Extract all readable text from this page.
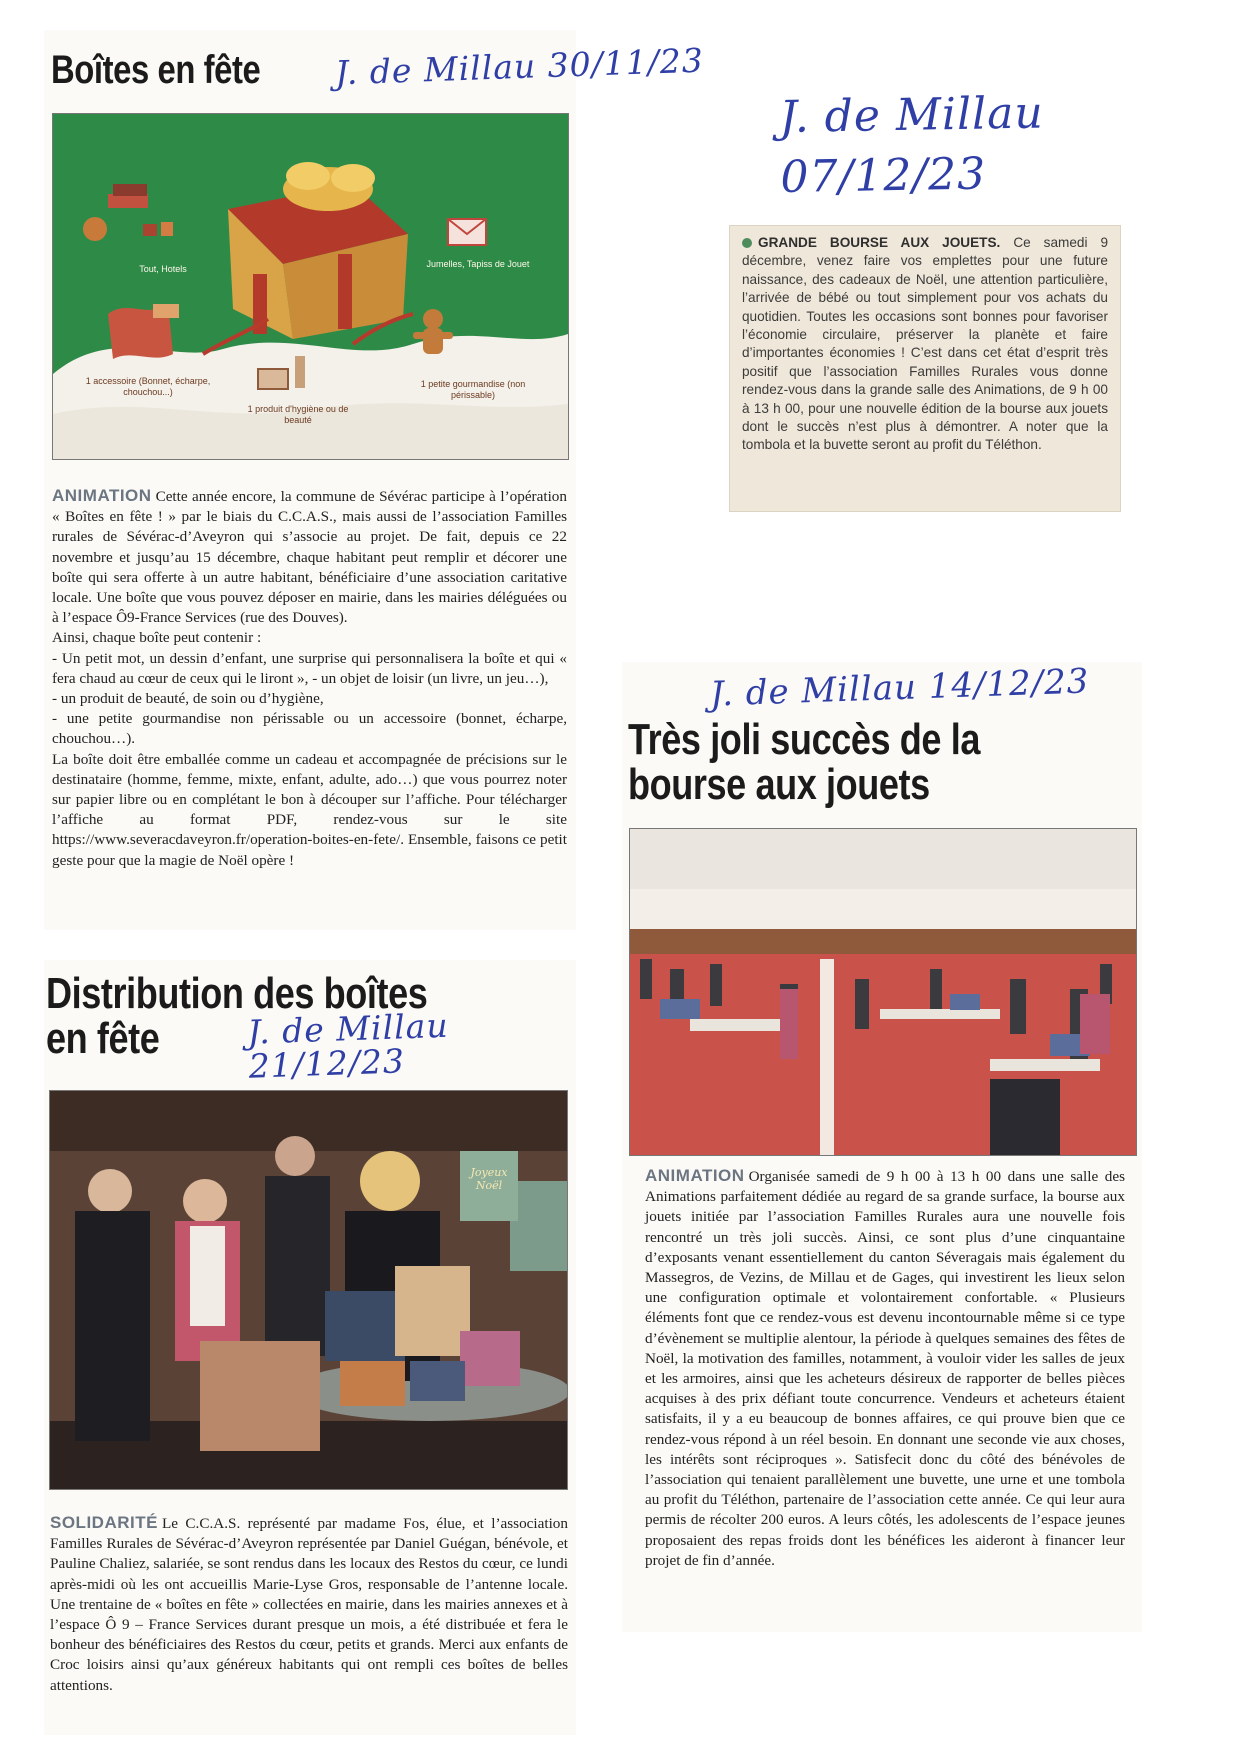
Boîtes en fête J. de Millau 30/11/23
Tout, Hotels	Jumelles, Tapiss de Jouet
1 accessoire (Bonnet, écharpe, chouchou...)
1 produit d'hygiène ou de beauté
1 petite gourmandise (non périssable)

ANIMATION Cette année encore, la commune de Sévérac participe à l’opération « Boîtes en fête ! » par le biais du C.C.A.S., mais aussi de l’association Familles rurales de Sévérac-d’Aveyron qui s’associe au projet. De fait, depuis ce 22 novembre et jusqu’au 15 décembre, chaque habitant peut remplir et décorer une boîte qui sera offerte à un autre habitant, bénéficiaire d’une association caritative locale. Une boîte que vous pouvez déposer en mairie, dans les mairies déléguées ou à l’espace Ô9-France Services (rue des Douves).

Ainsi, chaque boîte peut contenir :

- Un petit mot, un dessin d’enfant, une surprise qui personnalisera la boîte et qui « fera chaud au cœur de ceux qui le liront », - un objet de loisir (un livre, un jeu…),

- un produit de beauté, de soin ou d’hygiène,

- une petite gourmandise non périssable ou un accessoire (bonnet, écharpe, chouchou…).

La boîte doit être emballée comme un cadeau et accompagnée de précisions sur le destinataire (homme, femme, mixte, enfant, adulte, ado…) que vous pourrez noter sur papier libre ou en complétant le bon à découper sur l’affiche. Pour télécharger l’affiche au format PDF, rendez-vous sur le site https://www.severacdaveyron.fr/operation-boites-en-fete/. Ensemble, faisons ce petit geste pour que la magie de Noël opère !

J. de Millau 07/12/23

GRANDE BOURSE AUX JOUETS. Ce samedi 9 décembre, venez faire vos emplettes pour une future naissance, des cadeaux de Noël, une attention particulière, l’arrivée de bébé ou tout simplement pour vos achats du quotidien. Toutes les occasions sont bonnes pour favoriser l’économie circulaire, préserver la planète et faire d’importantes économies ! C’est dans cet état d’esprit très positif que l’association Familles Rurales vous donne rendez-vous dans la grande salle des Animations, de 9 h 00 à 13 h 00, pour une nouvelle édition de la bourse aux jouets dont le succès n’est plus à démontrer. A noter que la tombola et la buvette seront au profit du Téléthon.

J. de Millau 14/12/23
Très joli succès de la bourse aux jouets

ANIMATION Organisée samedi de 9 h 00 à 13 h 00 dans une salle des Animations parfaitement dédiée au regard de sa grande surface, la bourse aux jouets initiée par l’association Familles Rurales aura une nouvelle fois rencontré un très joli succès. Ainsi, ce sont plus d’une cinquantaine d’exposants venant essentiellement du canton Séveragais mais également du Massegros, de Vezins, de Millau et de Gages, qui investirent les lieux selon une configuration optimale et volontairement confortable. « Plusieurs éléments font que ce rendez-vous est devenu incontournable même si ce type d’évènement se multiplie alentour, la période à quelques semaines des fêtes de Noël, la motivation des familles, notamment, à vouloir vider les salles de jeux et les armoires, ainsi que les acheteurs désireux de rapporter de belles pièces acquises à des prix défiant toute concurrence. Vendeurs et acheteurs étaient satisfaits, il y a eu beaucoup de bonnes affaires, ce qui prouve bien que ce rendez-vous répond à un réel besoin. En donnant une seconde vie aux choses, les intérêts sont réciproques ». Satisfecit donc du côté des bénévoles de l’association qui tenaient parallèlement une buvette, une urne et une tombola au profit du Téléthon, partenaire de l’association cette année. Ce qui leur aura permis de récolter 200 euros. A leurs côtés, les adolescents de l’espace jeunes proposaient des repas froids dont les bénéfices les aideront à financer leur projet de fin d’année.

Distribution des boîtes en fête	J. de Millau 21/12/23
Joyeux Noël

SOLIDARITÉ Le C.C.A.S. représenté par madame Fos, élue, et l’association Familles Rurales de Sévérac-d’Aveyron représentée par Daniel Guégan, bénévole, et Pauline Chaliez, salariée, se sont rendus dans les locaux des Restos du cœur, ce lundi après-midi où les ont accueillis Marie-Lyse Gros, responsable de l’antenne locale. Une trentaine de « boîtes en fête » collectées en mairie, dans les mairies annexes et à l’espace Ô 9 – France Services durant presque un mois, a été distribuée et fera le bonheur des bénéficiaires des Restos du cœur, petits et grands. Merci aux enfants de Croc loisirs ainsi qu’aux généreux habitants qui ont rempli ces boîtes de belles attentions.
